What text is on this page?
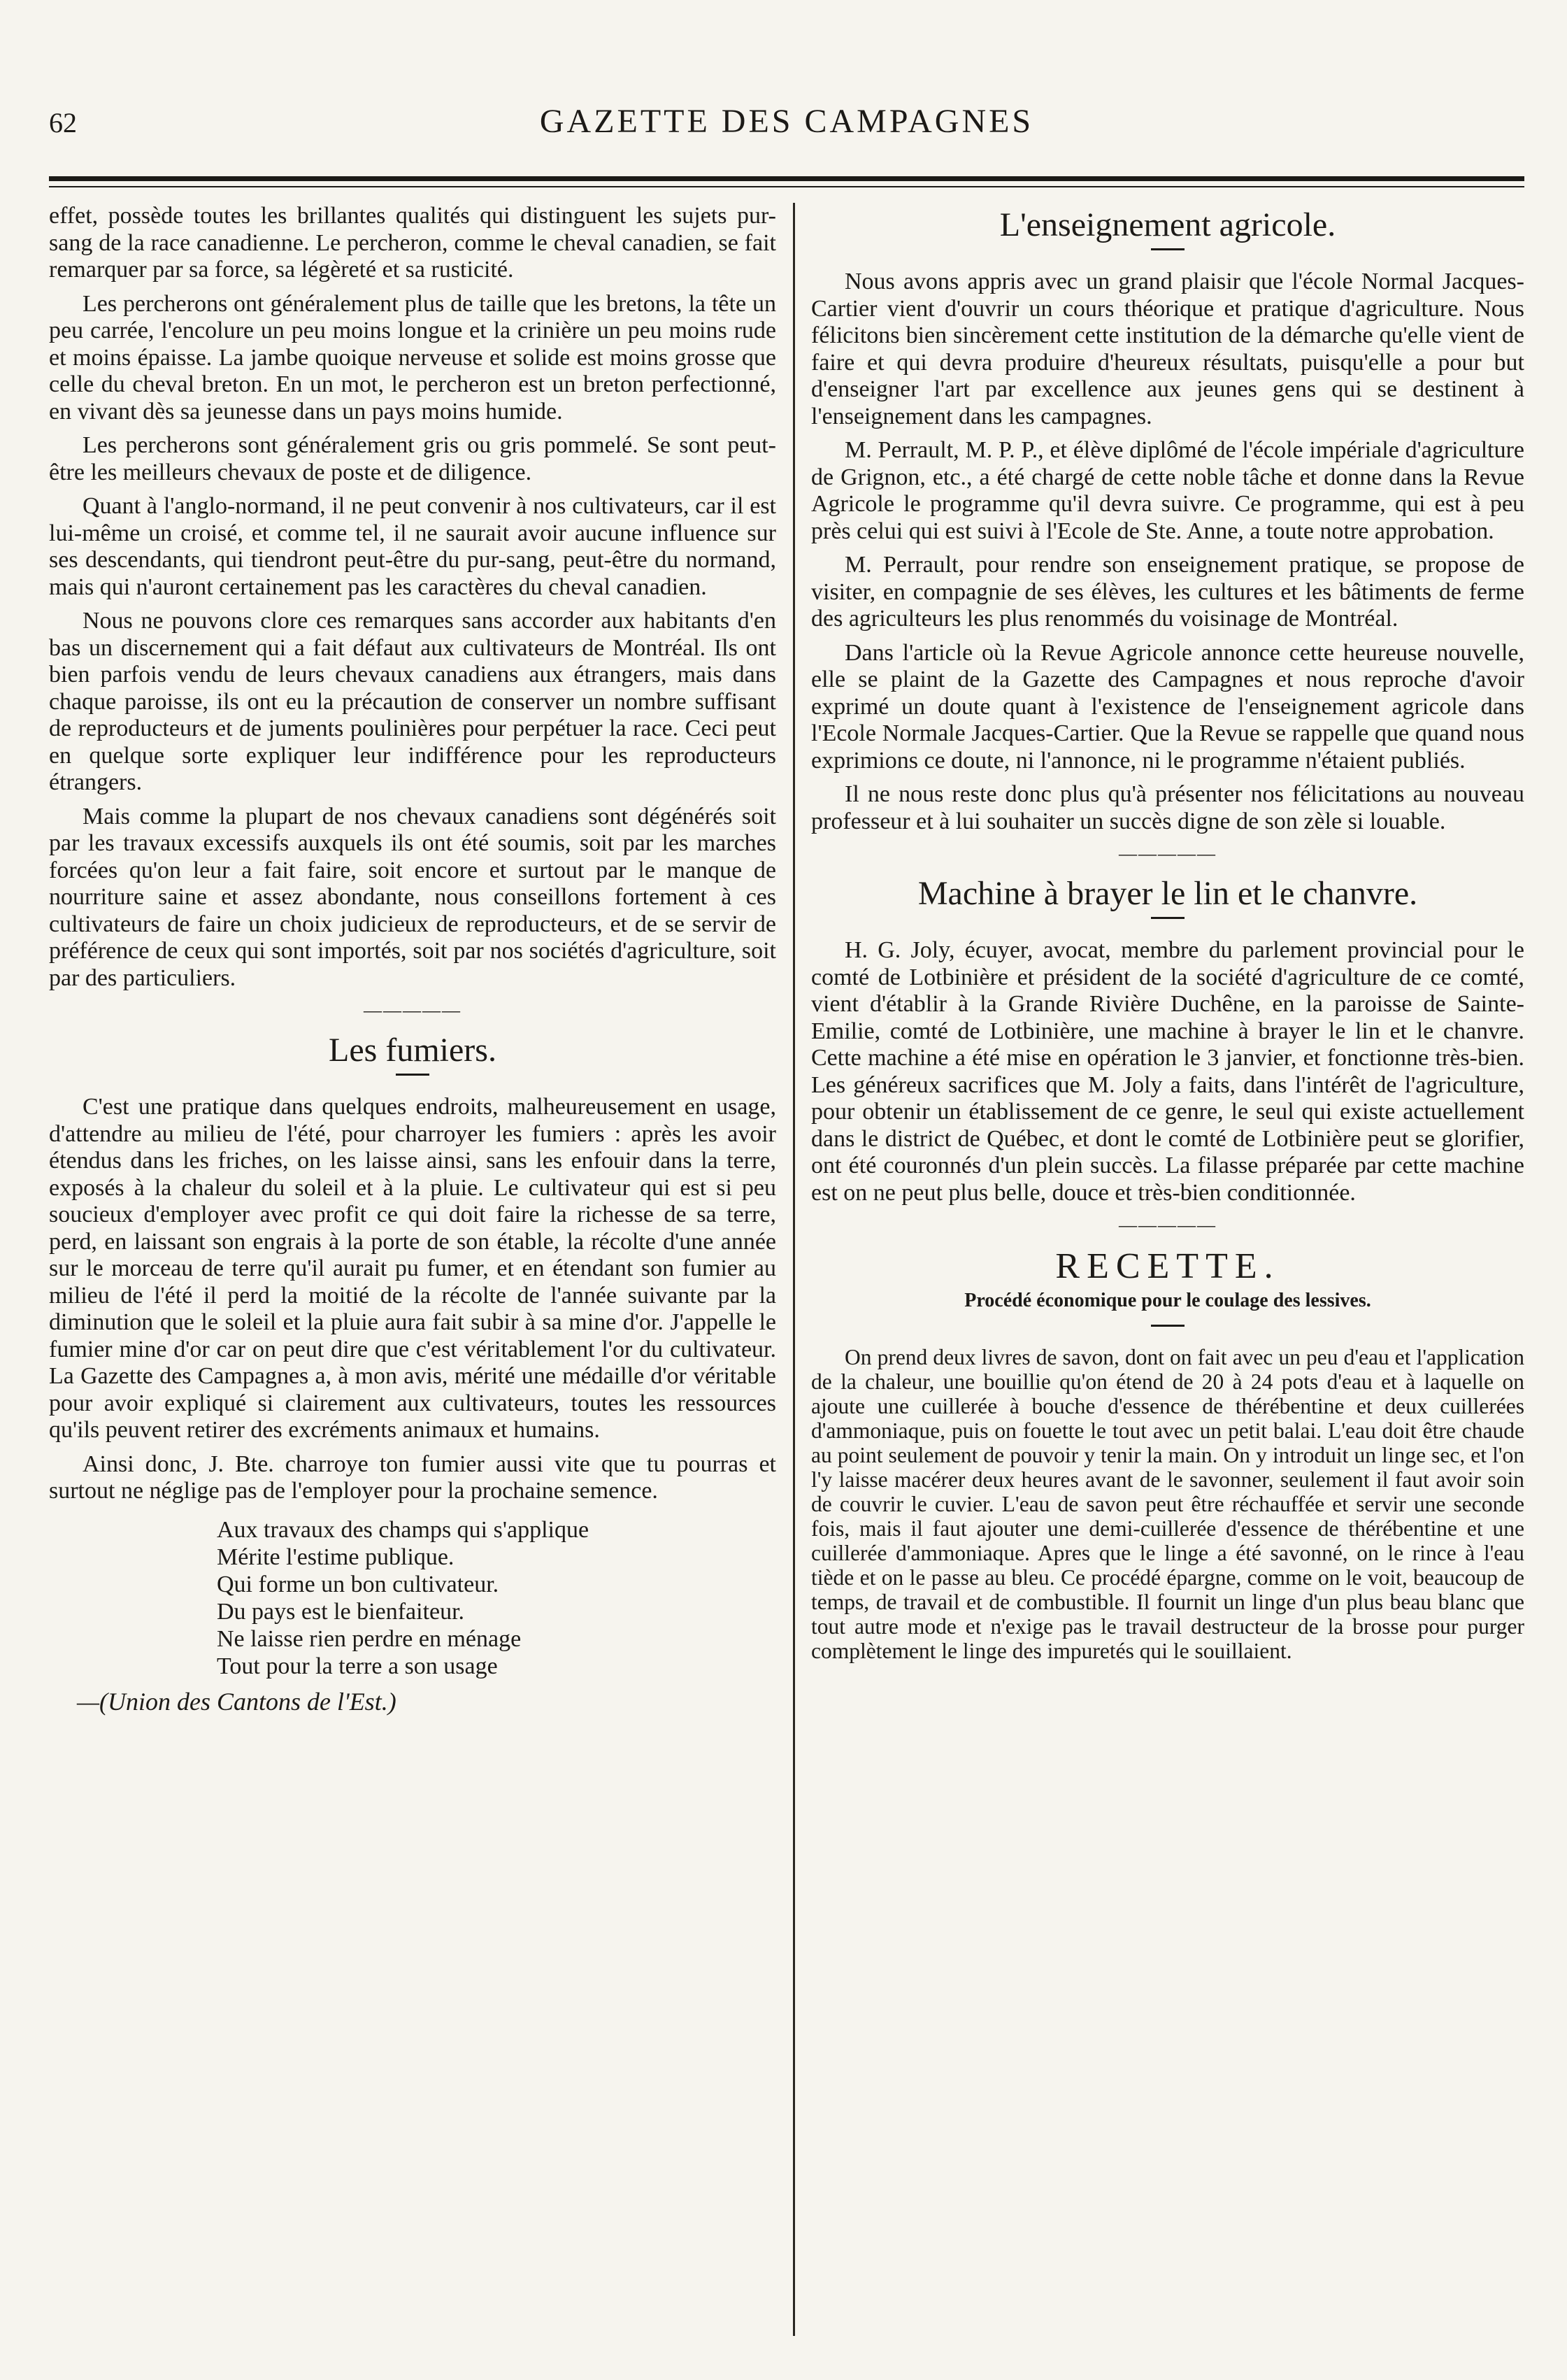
62	GAZETTE DES CAMPAGNES

effet, possède toutes les brillantes qualités qui distinguent les sujets pur-sang de la race canadienne. Le percheron, comme le cheval canadien, se fait remarquer par sa force, sa légèreté et sa rusticité.

Les percherons ont généralement plus de taille que les bretons, la tête un peu carrée, l'encolure un peu moins longue et la crinière un peu moins rude et moins épaisse. La jambe quoique nerveuse et solide est moins grosse que celle du cheval breton. En un mot, le percheron est un breton perfectionné, en vivant dès sa jeunesse dans un pays moins humide.

Les percherons sont généralement gris ou gris pommelé. Se sont peut-être les meilleurs chevaux de poste et de diligence.

Quant à l'anglo-normand, il ne peut convenir à nos cultivateurs, car il est lui-même un croisé, et comme tel, il ne saurait avoir aucune influence sur ses descendants, qui tiendront peut-être du pur-sang, peut-être du normand, mais qui n'auront certainement pas les caractères du cheval canadien.

Nous ne pouvons clore ces remarques sans accorder aux habitants d'en bas un discernement qui a fait défaut aux cultivateurs de Montréal. Ils ont bien parfois vendu de leurs chevaux canadiens aux étrangers, mais dans chaque paroisse, ils ont eu la précaution de conserver un nombre suffisant de reproducteurs et de juments poulinières pour perpétuer la race. Ceci peut en quelque sorte expliquer leur indifférence pour les reproducteurs étrangers.

Mais comme la plupart de nos chevaux canadiens sont dégénérés soit par les travaux excessifs auxquels ils ont été soumis, soit par les marches forcées qu'on leur a fait faire, soit encore et surtout par le manque de nourriture saine et assez abondante, nous conseillons fortement à ces cultivateurs de faire un choix judicieux de reproducteurs, et de se servir de préférence de ceux qui sont importés, soit par nos sociétés d'agriculture, soit par des particuliers.

—————
Les fumiers.

C'est une pratique dans quelques endroits, malheureusement en usage, d'attendre au milieu de l'été, pour charroyer les fumiers : après les avoir étendus dans les friches, on les laisse ainsi, sans les enfouir dans la terre, exposés à la chaleur du soleil et à la pluie. Le cultivateur qui est si peu soucieux d'employer avec profit ce qui doit faire la richesse de sa terre, perd, en laissant son engrais à la porte de son étable, la récolte d'une année sur le morceau de terre qu'il aurait pu fumer, et en étendant son fumier au milieu de l'été il perd la moitié de la récolte de l'année suivante par la diminution que le soleil et la pluie aura fait subir à sa mine d'or. J'appelle le fumier mine d'or car on peut dire que c'est véritablement l'or du cultivateur. La Gazette des Campagnes a, à mon avis, mérité une médaille d'or véritable pour avoir expliqué si clairement aux cultivateurs, toutes les ressources qu'ils peuvent retirer des excréments animaux et humains.

Ainsi donc, J. Bte. charroye ton fumier aussi vite que tu pourras et surtout ne néglige pas de l'employer pour la prochaine semence.

Aux travaux des champs qui s'applique
Mérite l'estime publique.
Qui forme un bon cultivateur.
Du pays est le bienfaiteur.
Ne laisse rien perdre en ménage
Tout pour la terre a son usage
—(Union des Cantons de l'Est.)
L'enseignement agricole.

Nous avons appris avec un grand plaisir que l'école Normal Jacques-Cartier vient d'ouvrir un cours théorique et pratique d'agriculture. Nous félicitons bien sincèrement cette institution de la démarche qu'elle vient de faire et qui devra produire d'heureux résultats, puisqu'elle a pour but d'enseigner l'art par excellence aux jeunes gens qui se destinent à l'enseignement dans les campagnes.

M. Perrault, M. P. P., et élève diplômé de l'école impériale d'agriculture de Grignon, etc., a été chargé de cette noble tâche et donne dans la Revue Agricole le programme qu'il devra suivre. Ce programme, qui est à peu près celui qui est suivi à l'Ecole de Ste. Anne, a toute notre approbation.

M. Perrault, pour rendre son enseignement pratique, se propose de visiter, en compagnie de ses élèves, les cultures et les bâtiments de ferme des agriculteurs les plus renommés du voisinage de Montréal.

Dans l'article où la Revue Agricole annonce cette heureuse nouvelle, elle se plaint de la Gazette des Campagnes et nous reproche d'avoir exprimé un doute quant à l'existence de l'enseignement agricole dans l'Ecole Normale Jacques-Cartier. Que la Revue se rappelle que quand nous exprimions ce doute, ni l'annonce, ni le programme n'étaient publiés.

Il ne nous reste donc plus qu'à présenter nos félicitations au nouveau professeur et à lui souhaiter un succès digne de son zèle si louable.

—————
Machine à brayer le lin et le chanvre.

H. G. Joly, écuyer, avocat, membre du parlement provincial pour le comté de Lotbinière et président de la société d'agriculture de ce comté, vient d'établir à la Grande Rivière Duchêne, en la paroisse de Sainte-Emilie, comté de Lotbinière, une machine à brayer le lin et le chanvre. Cette machine a été mise en opération le 3 janvier, et fonctionne très-bien. Les généreux sacrifices que M. Joly a faits, dans l'intérêt de l'agriculture, pour obtenir un établissement de ce genre, le seul qui existe actuellement dans le district de Québec, et dont le comté de Lotbinière peut se glorifier, ont été couronnés d'un plein succès. La filasse préparée par cette machine est on ne peut plus belle, douce et très-bien conditionnée.

—————
RECETTE.
Procédé économique pour le coulage des lessives.

On prend deux livres de savon, dont on fait avec un peu d'eau et l'application de la chaleur, une bouillie qu'on étend de 20 à 24 pots d'eau et à laquelle on ajoute une cuillerée à bouche d'essence de thérébentine et deux cuillerées d'ammoniaque, puis on fouette le tout avec un petit balai. L'eau doit être chaude au point seulement de pouvoir y tenir la main. On y introduit un linge sec, et l'on l'y laisse macérer deux heures avant de le savonner, seulement il faut avoir soin de couvrir le cuvier. L'eau de savon peut être réchauffée et servir une seconde fois, mais il faut ajouter une demi-cuillerée d'essence de thérébentine et une cuillerée d'ammoniaque. Apres que le linge a été savonné, on le rince à l'eau tiède et on le passe au bleu. Ce procédé épargne, comme on le voit, beaucoup de temps, de travail et de combustible. Il fournit un linge d'un plus beau blanc que tout autre mode et n'exige pas le travail destructeur de la brosse pour purger complètement le linge des impuretés qui le souillaient.
